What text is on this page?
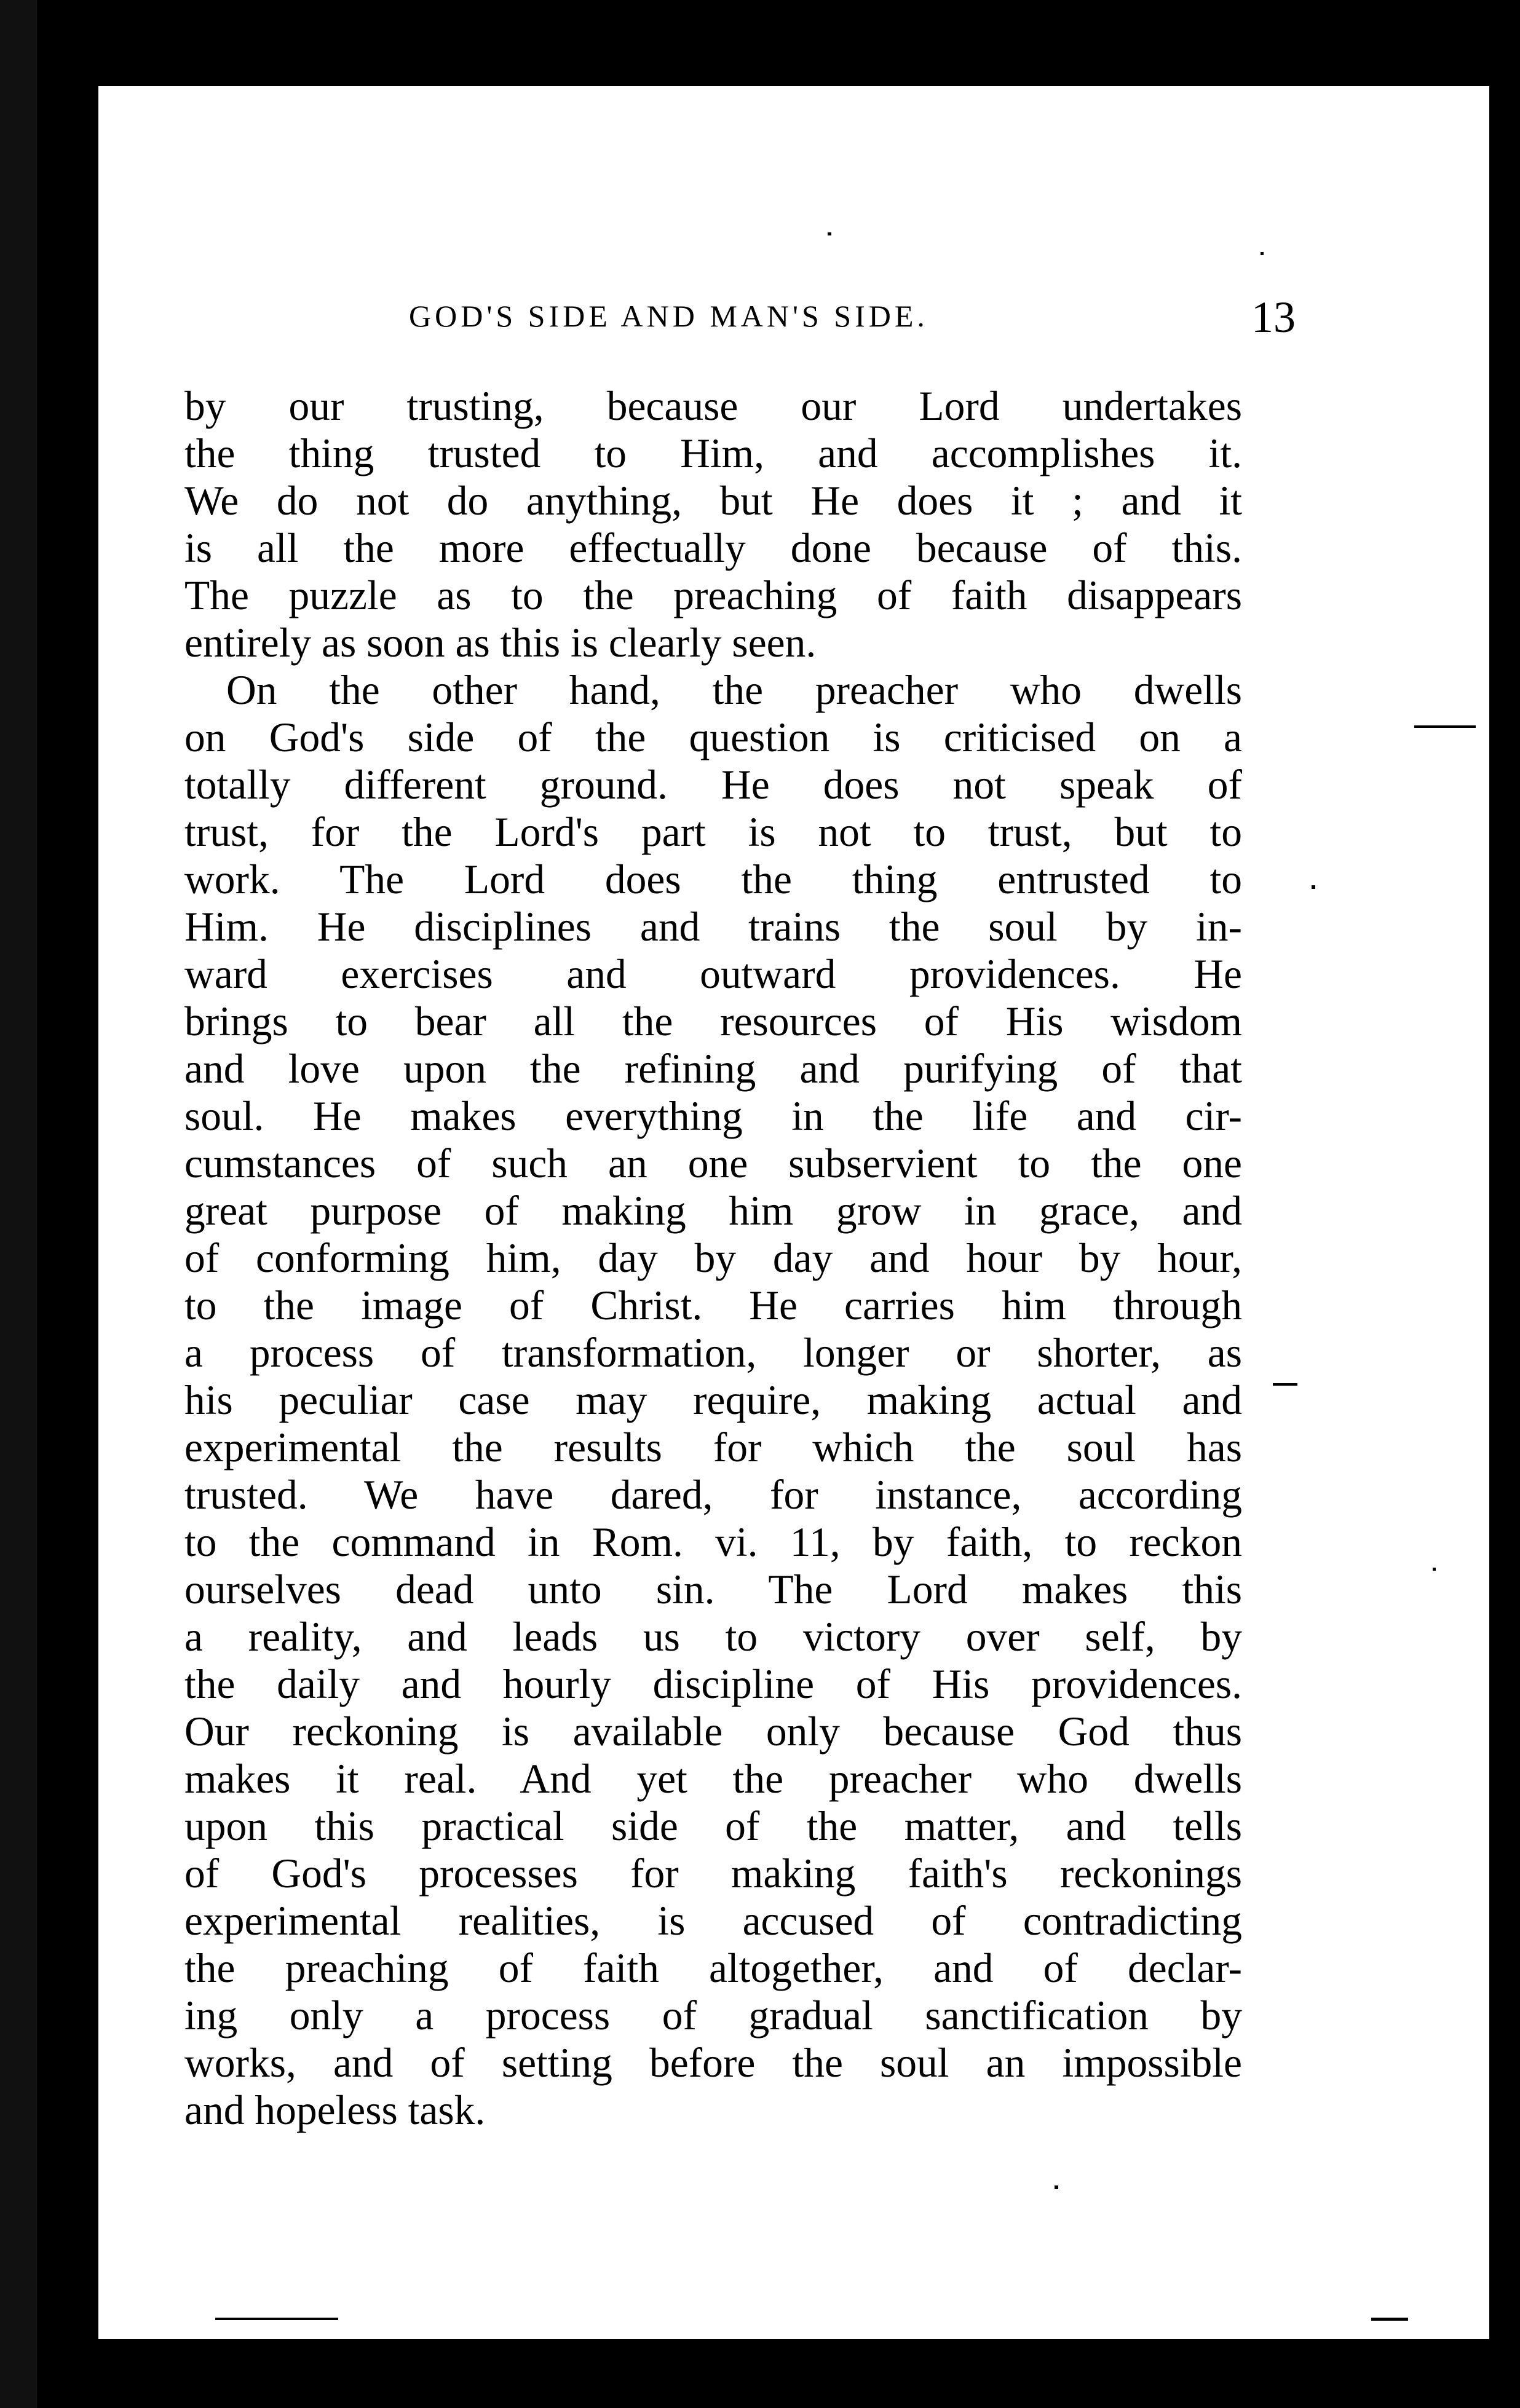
GOD'S SIDE AND MAN'S SIDE.	13
by our trusting, because our Lord undertakes
the thing trusted to Him, and accomplishes it.
We do not do anything, but He does it ; and it
is all the more effectually done because of this.
The puzzle as to the preaching of faith disappears
entirely as soon as this is clearly seen.
On the other hand, the preacher who dwells
on God's side of the question is criticised on a
totally different ground. He does not speak of
trust, for the Lord's part is not to trust, but to
work. The Lord does the thing entrusted to
Him. He disciplines and trains the soul by in-
ward exercises and outward providences. He
brings to bear all the resources of His wisdom
and love upon the refining and purifying of that
soul. He makes everything in the life and cir-
cumstances of such an one subservient to the one
great purpose of making him grow in grace, and
of conforming him, day by day and hour by hour,
to the image of Christ. He carries him through
a process of transformation, longer or shorter, as
his peculiar case may require, making actual and
experimental the results for which the soul has
trusted. We have dared, for instance, according
to the command in Rom. vi. 11, by faith, to reckon
ourselves dead unto sin. The Lord makes this
a reality, and leads us to victory over self, by
the daily and hourly discipline of His providences.
Our reckoning is available only because God thus
makes it real. And yet the preacher who dwells
upon this practical side of the matter, and tells
of God's processes for making faith's reckonings
experimental realities, is accused of contradicting
the preaching of faith altogether, and of declar-
ing only a process of gradual sanctification by
works, and of setting before the soul an impossible
and hopeless task.
